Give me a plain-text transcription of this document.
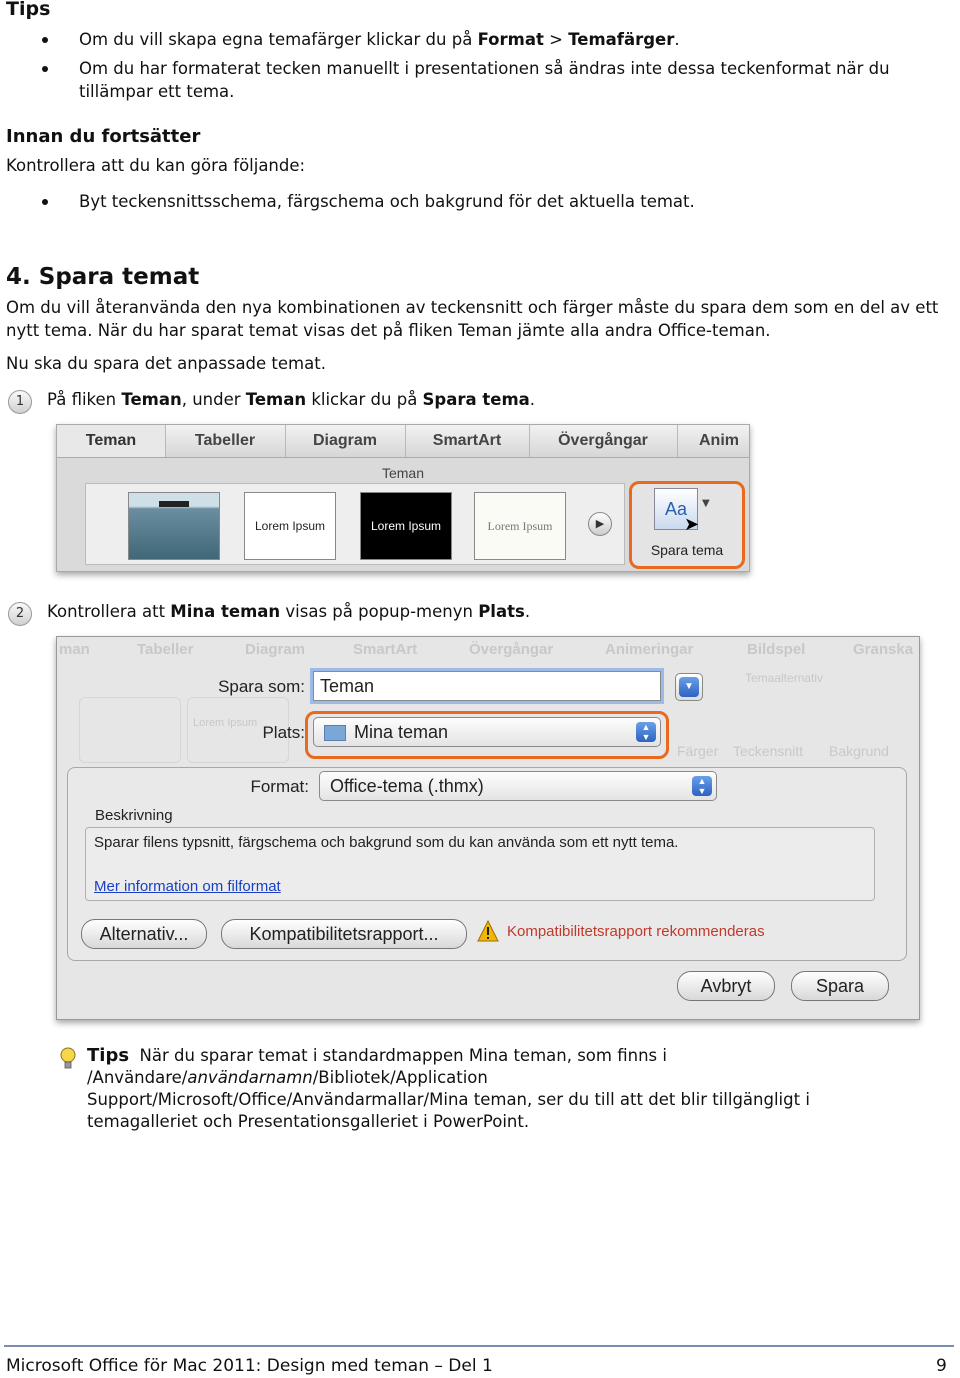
Tips
Om du vill skapa egna temafärger klickar du på Format > Temafärger.
Om du har formaterat tecken manuellt i presentationen så ändras inte dessa teckenformat när du tillämpar ett tema.
Innan du fortsätter
Kontrollera att du kan göra följande:
Byt teckensnittsschema, färgschema och bakgrund för det aktuella temat.
4. Spara temat
Om du vill återanvända den nya kombinationen av teckensnitt och färger måste du spara dem som en del av ett nytt tema. När du har sparat temat visas det på fliken Teman jämte alla andra Office-teman.
Nu ska du spara det anpassade temat.
1	På fliken Teman, under Teman klickar du på Spara tema.
Teman	Tabeller	Diagram	SmartArt	Övergångar	Anim
Teman
Lorem Ipsum	Lorem Ipsum	Lorem Ipsum	▶
Aa	▼
➤
Spara tema
2	Kontrollera att Mina teman visas på popup-menyn Plats.
man	Tabeller	Diagram	SmartArt	Övergångar	Animeringar	Bildspel	Granska
Temaalternativ
Färger Teckensnitt Bakgrund
Lorem Ipsum
Spara som: Teman	▼
Plats:	Mina teman	▲
▼
Format:	Office-tema (.thmx)	▲
▼
Beskrivning
Sparar filens typsnitt, färgschema och bakgrund som du kan använda som ett nytt tema.
Mer information om filformat
Alternativ...	Kompatibilitetsrapport...	Kompatibilitetsrapport rekommenderas
Avbryt	Spara
Tips När du sparar temat i standardmappen Mina teman, som finns i
/Användare/användarnamn/Bibliotek/Application
Support/Microsoft/Office/Användarmallar/Mina teman, ser du till att det blir tillgängligt i
temagalleriet och Presentationsgalleriet i PowerPoint.
Microsoft Office för Mac 2011: Design med teman – Del 1	9
